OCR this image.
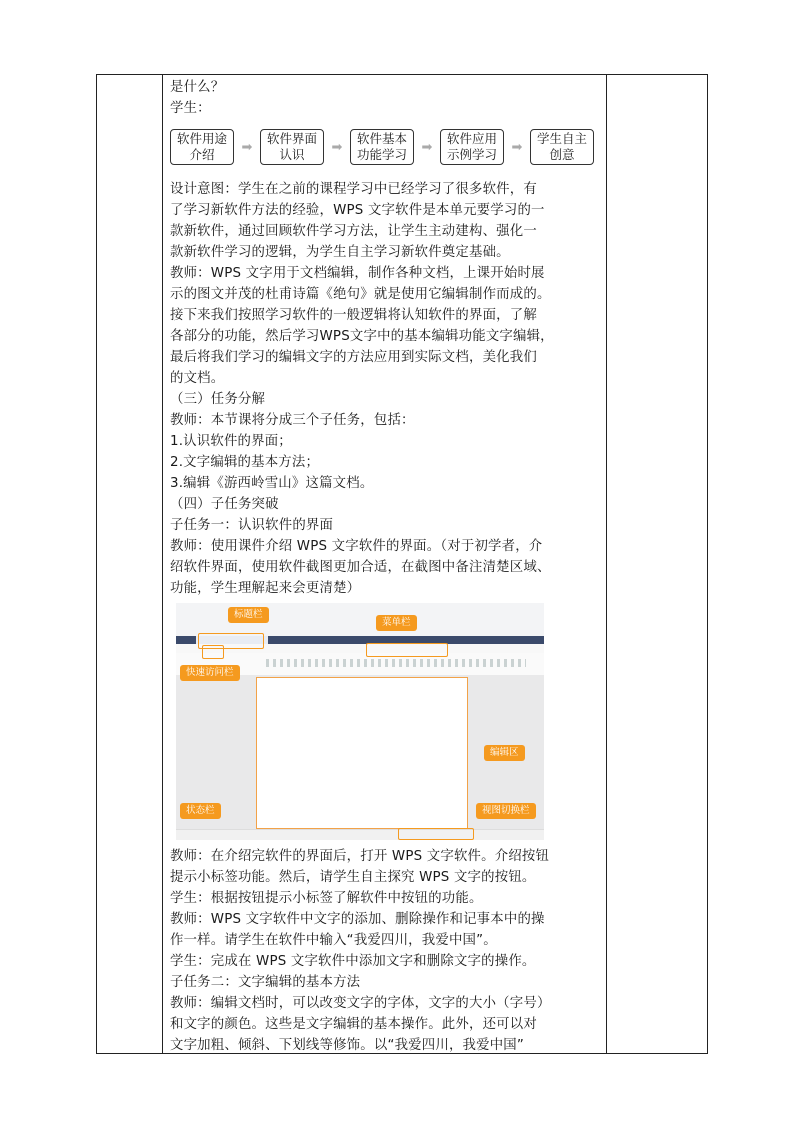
是什么？

学生：

软件用途
介绍	➡
软件界面
认识	➡
软件基本
功能学习	➡
软件应用
示例学习	➡
学生自主
创意

设计意图：学生在之前的课程学习中已经学习了很多软件，有

了学习新软件方法的经验，WPS 文字软件是本单元要学习的一

款新软件，通过回顾软件学习方法，让学生主动建构、强化一

款新软件学习的逻辑，为学生自主学习新软件奠定基础。

教师：WPS 文字用于文档编辑，制作各种文档，上课开始时展

示的图文并茂的杜甫诗篇《绝句》就是使用它编辑制作而成的。

接下来我们按照学习软件的一般逻辑将认知软件的界面，了解

各部分的功能，然后学习WPS文字中的基本编辑功能文字编辑，

最后将我们学习的编辑文字的方法应用到实际文档，美化我们

的文档。

（三）任务分解

教师：本节课将分成三个子任务，包括：

1.认识软件的界面；

2.文字编辑的基本方法；

3.编辑《游西岭雪山》这篇文档。

（四）子任务突破

子任务一：认识软件的界面

教师：使用课件介绍 WPS 文字软件的界面。（对于初学者，介

绍软件界面，使用软件截图更加合适，在截图中备注清楚区域、

功能，学生理解起来会更清楚）

标题栏
菜单栏
快速访问栏
编辑区
状态栏	视图切换栏

教师：在介绍完软件的界面后，打开 WPS 文字软件。介绍按钮

提示小标签功能。然后，请学生自主探究 WPS 文字的按钮。

学生：根据按钮提示小标签了解软件中按钮的功能。

教师：WPS 文字软件中文字的添加、删除操作和记事本中的操

作一样。请学生在软件中输入“我爱四川，我爱中国”。

学生：完成在 WPS 文字软件中添加文字和删除文字的操作。

子任务二：文字编辑的基本方法

教师：编辑文档时，可以改变文字的字体，文字的大小（字号）

和文字的颜色。这些是文字编辑的基本操作。此外，还可以对

文字加粗、倾斜、下划线等修饰。以“我爱四川，我爱中国”
